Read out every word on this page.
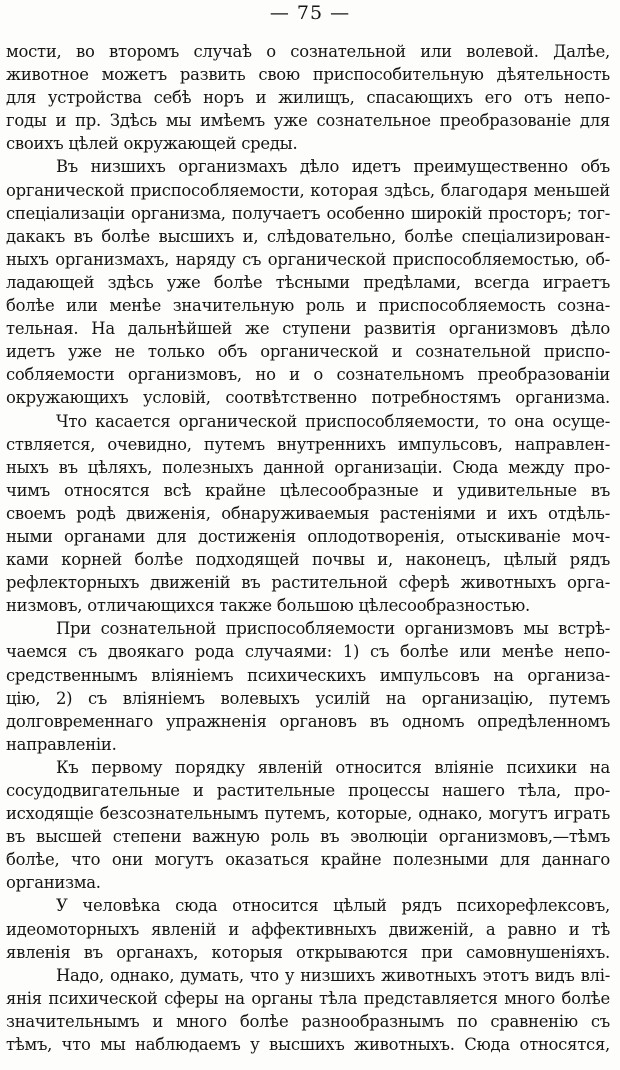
— 75 —
мости, во второмъ случаѣ о сознательной или волевой. Далѣе,
животное можетъ развить свою приспособительную дѣятельность
для устройства себѣ норъ и жилищъ, спасающихъ его отъ непо-
годы и пр. Здѣсь мы имѣемъ уже сознательное преобразованіе для
своихъ цѣлей окружающей среды.
Въ низшихъ организмахъ дѣло идетъ преимущественно объ
органической приспособляемости, которая здѣсь, благодаря меньшей
спеціализаціи организма, получаетъ особенно широкій просторъ; тог-
дакакъ въ болѣе высшихъ и, слѣдовательно, болѣе спеціализирован-
ныхъ организмахъ, наряду съ органической приспособляемостью, об-
ладающей здѣсь уже болѣе тѣсными предѣлами, всегда играетъ
болѣе или менѣе значительную роль и приспособляемость созна-
тельная. На дальнѣйшей же ступени развитія организмовъ дѣло
идетъ уже не только объ органической и сознательной приспо-
собляемости организмовъ, но и о сознательномъ преобразованіи
окружающихъ условій, соотвѣтственно потребностямъ организма.
Что касается органической приспособляемости, то она осуще-
ствляется, очевидно, путемъ внутреннихъ импульсовъ, направлен-
ныхъ въ цѣляхъ, полезныхъ данной организаціи. Сюда между про-
чимъ относятся всѣ крайне цѣлесообразные и удивительные въ
своемъ родѣ движенія, обнаруживаемыя растеніями и ихъ отдѣль-
ными органами для достиженія оплодотворенія, отыскиваніе моч-
ками корней болѣе подходящей почвы и, наконецъ, цѣлый рядъ
рефлекторныхъ движеній въ растительной сферѣ животныхъ орга-
низмовъ, отличающихся также большою цѣлесообразностью.
При сознательной приспособляемости организмовъ мы встрѣ-
чаемся съ двоякаго рода случаями: 1) съ болѣе или менѣе непо-
средственнымъ вліяніемъ психическихъ импульсовъ на организа-
цію, 2) съ вліяніемъ волевыхъ усилій на организацію, путемъ
долговременнаго упражненія органовъ въ одномъ опредѣленномъ
направленіи.
Къ первому порядку явленій относится вліяніе психики на
сосудодвигательные и растительные процессы нашего тѣла, про-
исходящіе безсознательнымъ путемъ, которые, однако, могутъ играть
въ высшей степени важную роль въ эволюціи организмовъ,—тѣмъ
болѣе, что они могутъ оказаться крайне полезными для даннаго
организма.
У человѣка сюда относится цѣлый рядъ психорефлексовъ,
идеомоторныхъ явленій и аффективныхъ движеній, а равно и тѣ
явленія въ органахъ, которыя открываются при самовнушеніяхъ.
Надо, однако, думать, что у низшихъ животныхъ этотъ видъ влі-
янія психической сферы на органы тѣла представляется много болѣе
значительнымъ и много болѣе разнообразнымъ по сравненію съ
тѣмъ, что мы наблюдаемъ у высшихъ животныхъ. Сюда относятся,
